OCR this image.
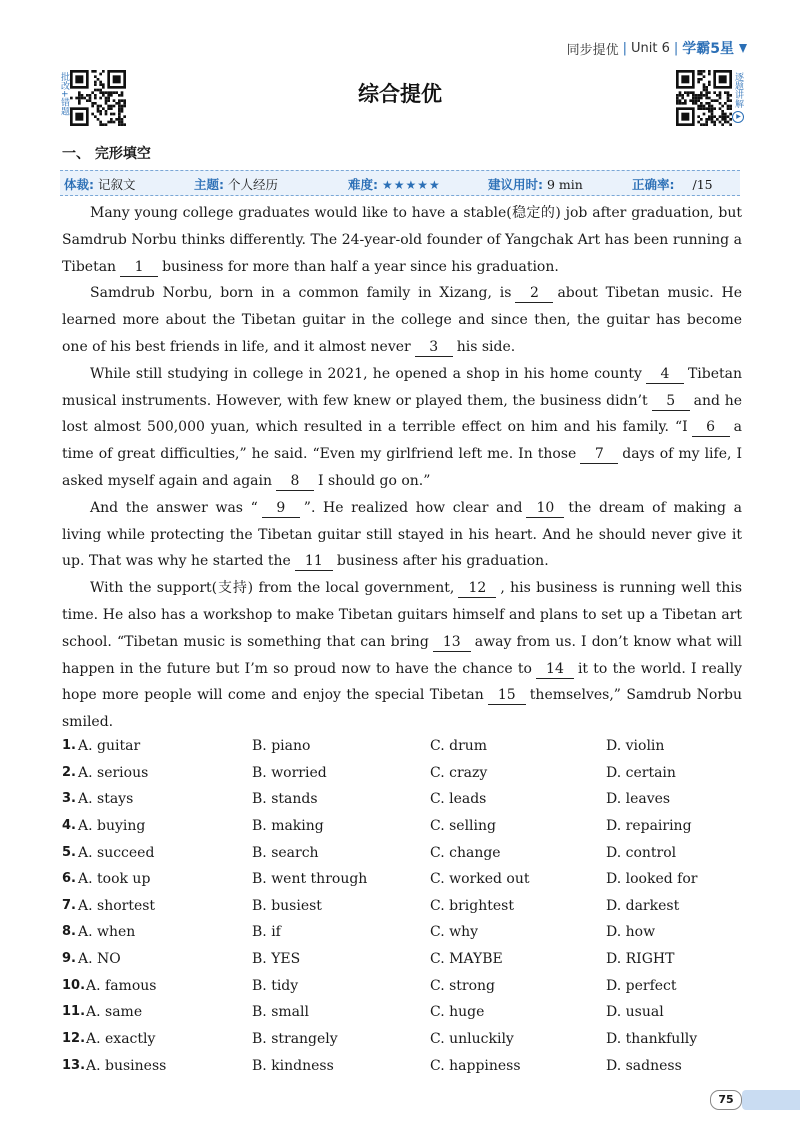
同步提优 | Unit 6 | 学霸5星
批改+错题	逐题讲解 ▶
综合提优
一、 完形填空
体裁: 记叙文	主题: 个人经历	难度: ★★★★★	建议用时: 9 min	正确率: /15

Many young college graduates would like to have a stable(稳定的) job after graduation, but Samdrub Norbu thinks differently. The 24-year-old founder of Yangchak Art has been running a Tibetan 1 business for more than half a year since his graduation.

Samdrub Norbu, born in a common family in Xizang, is 2 about Tibetan music. He learned more about the Tibetan guitar in the college and since then, the guitar has become one of his best friends in life, and it almost never 3 his side.

While still studying in college in 2021, he opened a shop in his home county 4 Tibetan musical instruments. However, with few knew or played them, the business didn’t 5 and he lost almost 500,000 yuan, which resulted in a terrible effect on him and his family. “I 6 a time of great difficulties,” he said. “Even my girlfriend left me. In those 7 days of my life, I asked myself again and again 8 I should go on.”

And the answer was “ 9 ”. He realized how clear and 10 the dream of making a living while protecting the Tibetan guitar still stayed in his heart. And he should never give it up. That was why he started the 11 business after his graduation.

With the support(支持) from the local government, 12 , his business is running well this time. He also has a workshop to make Tibetan guitars himself and plans to set up a Tibetan art school. “Tibetan music is something that can bring 13 away from us. I don’t know what will happen in the future but I’m so proud now to have the chance to 14 it to the world. I really hope more people will come and enjoy the special Tibetan 15 themselves,” Samdrub Norbu smiled.

1. A. guitar	B. piano	C. drum	D. violin
2. A. serious	B. worried	C. crazy	D. certain
3. A. stays	B. stands	C. leads	D. leaves
4. A. buying	B. making	C. selling	D. repairing
5. A. succeed	B. search	C. change	D. control
6. A. took up	B. went through	C. worked out	D. looked for
7. A. shortest	B. busiest	C. brightest	D. darkest
8. A. when	B. if	C. why	D. how
9. A. NO	B. YES	C. MAYBE	D. RIGHT
10. A. famous	B. tidy	C. strong	D. perfect
11. A. same	B. small	C. huge	D. usual
12. A. exactly	B. strangely	C. unluckily	D. thankfully
13. A. business	B. kindness	C. happiness	D. sadness
75
